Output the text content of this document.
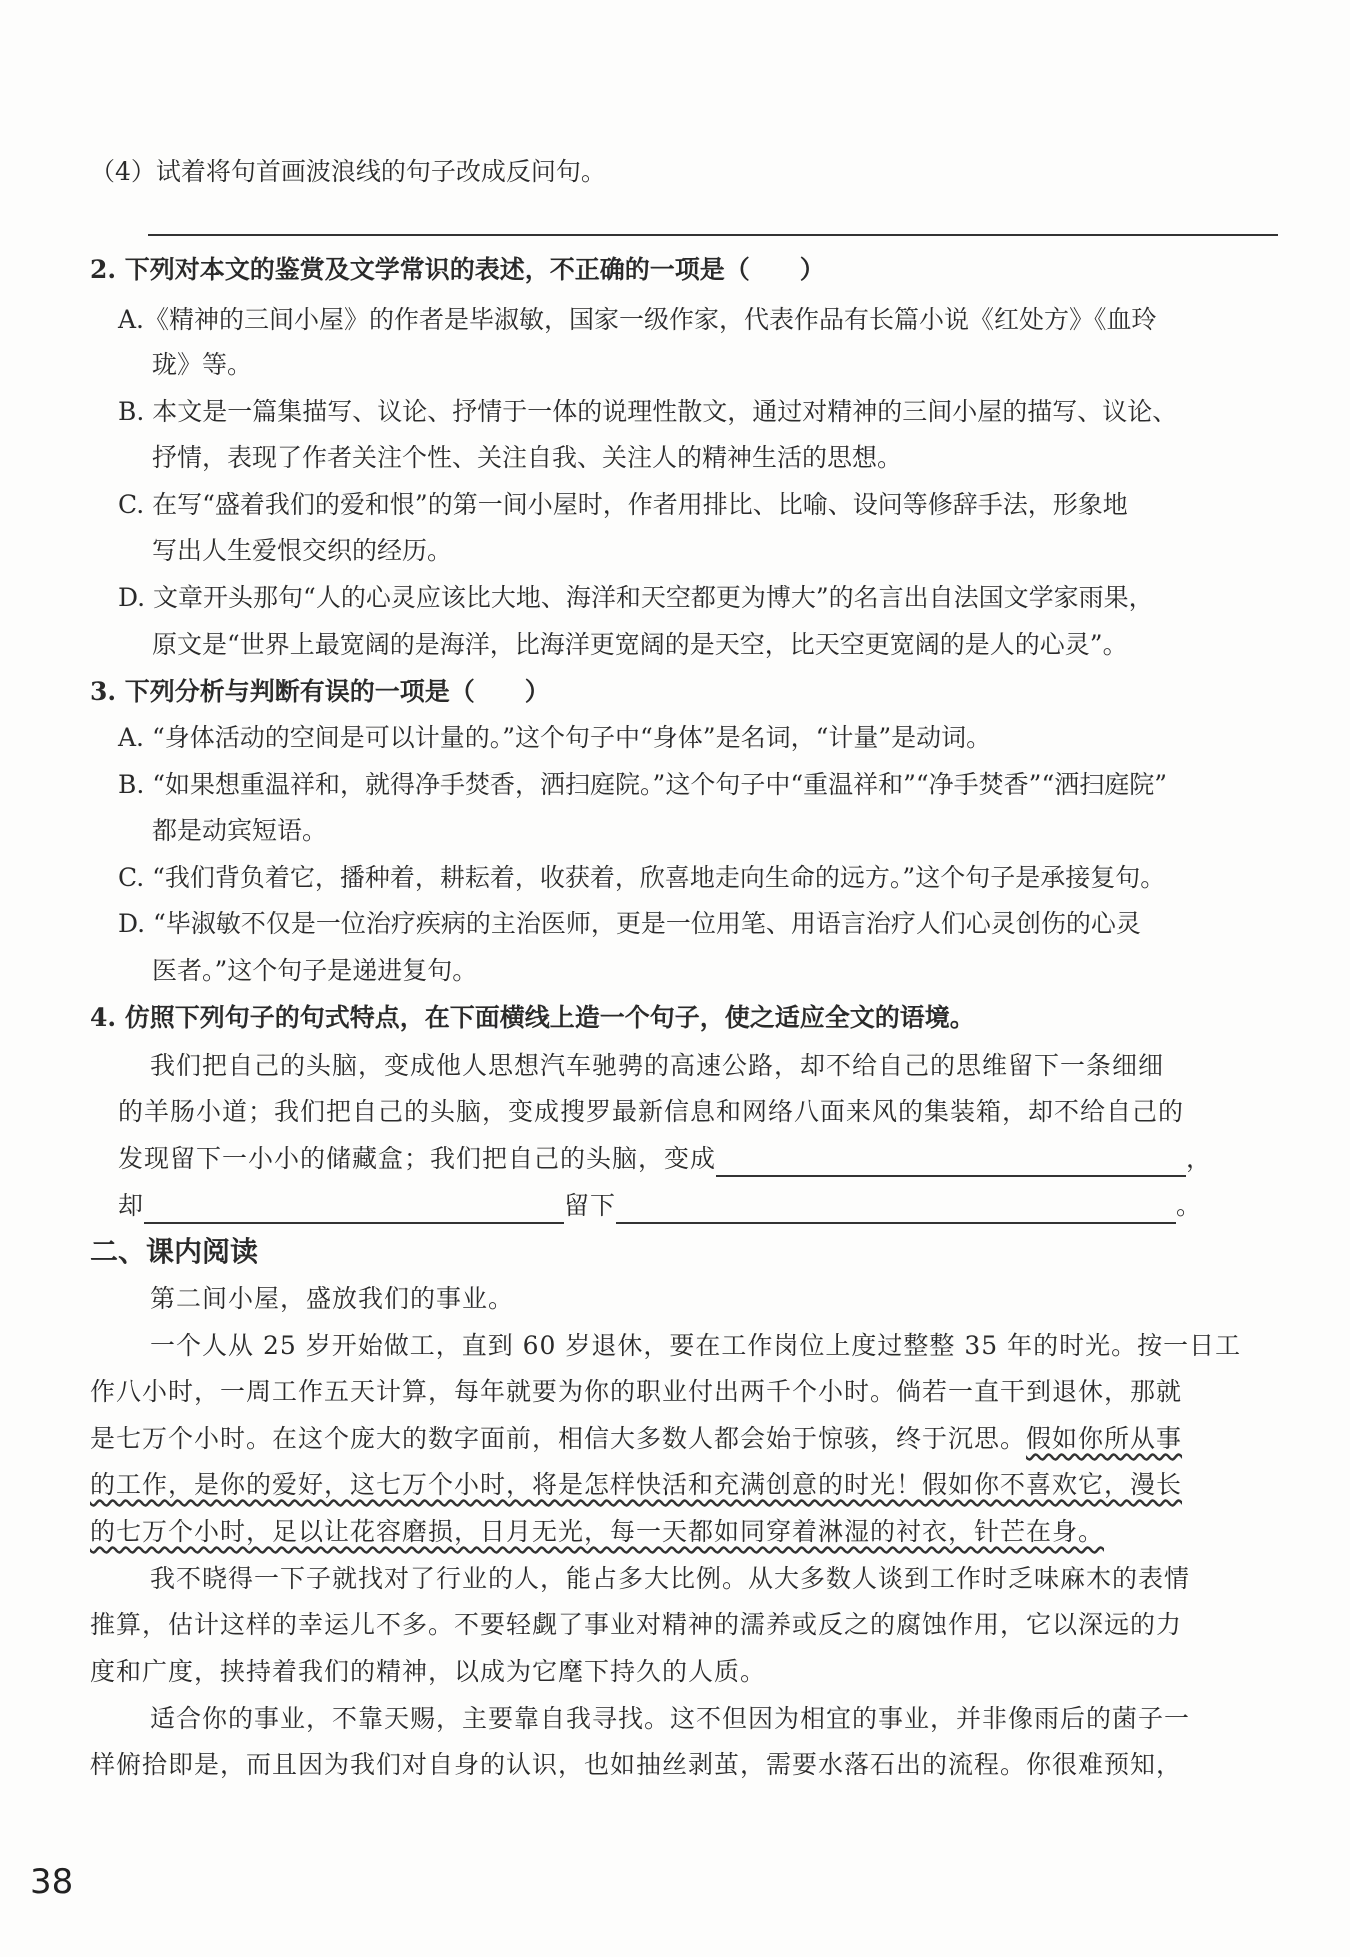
（4）试着将句首画波浪线的句子改成反问句。
2. 下列对本文的鉴赏及文学常识的表述，不正确的一项是（　　）
A.《精神的三间小屋》的作者是毕淑敏，国家一级作家，代表作品有长篇小说《红处方》《血玲
珑》等。
B. 本文是一篇集描写、议论、抒情于一体的说理性散文，通过对精神的三间小屋的描写、议论、
抒情，表现了作者关注个性、关注自我、关注人的精神生活的思想。
C. 在写“盛着我们的爱和恨”的第一间小屋时，作者用排比、比喻、设问等修辞手法，形象地
写出人生爱恨交织的经历。
D. 文章开头那句“人的心灵应该比大地、海洋和天空都更为博大”的名言出自法国文学家雨果，
原文是“世界上最宽阔的是海洋，比海洋更宽阔的是天空，比天空更宽阔的是人的心灵”。
3. 下列分析与判断有误的一项是（　　）
A. “身体活动的空间是可以计量的。”这个句子中“身体”是名词，“计量”是动词。
B. “如果想重温祥和，就得净手焚香，洒扫庭院。”这个句子中“重温祥和”“净手焚香”“洒扫庭院”
都是动宾短语。
C. “我们背负着它，播种着，耕耘着，收获着，欣喜地走向生命的远方。”这个句子是承接复句。
D. “毕淑敏不仅是一位治疗疾病的主治医师，更是一位用笔、用语言治疗人们心灵创伤的心灵
医者。”这个句子是递进复句。
4. 仿照下列句子的句式特点，在下面横线上造一个句子，使之适应全文的语境。
我们把自己的头脑，变成他人思想汽车驰骋的高速公路，却不给自己的思维留下一条细细
的羊肠小道；我们把自己的头脑，变成搜罗最新信息和网络八面来风的集装箱，却不给自己的
发现留下一小小的储藏盒；我们把自己的头脑，变成	，
却	留下	。
二、课内阅读
第二间小屋，盛放我们的事业。
一个人从 25 岁开始做工，直到 60 岁退休，要在工作岗位上度过整整 35 年的时光。按一日工
作八小时，一周工作五天计算，每年就要为你的职业付出两千个小时。倘若一直干到退休，那就
是七万个小时。在这个庞大的数字面前，相信大多数人都会始于惊骇，终于沉思。假如你所从事
的工作，是你的爱好，这七万个小时，将是怎样快活和充满创意的时光！假如你不喜欢它，漫长
的七万个小时，足以让花容磨损，日月无光，每一天都如同穿着淋湿的衬衣，针芒在身。
我不晓得一下子就找对了行业的人，能占多大比例。从大多数人谈到工作时乏味麻木的表情
推算，估计这样的幸运儿不多。不要轻觑了事业对精神的濡养或反之的腐蚀作用，它以深远的力
度和广度，挟持着我们的精神，以成为它麾下持久的人质。
适合你的事业，不靠天赐，主要靠自我寻找。这不但因为相宜的事业，并非像雨后的菌子一
样俯拾即是，而且因为我们对自身的认识，也如抽丝剥茧，需要水落石出的流程。你很难预知，
38
